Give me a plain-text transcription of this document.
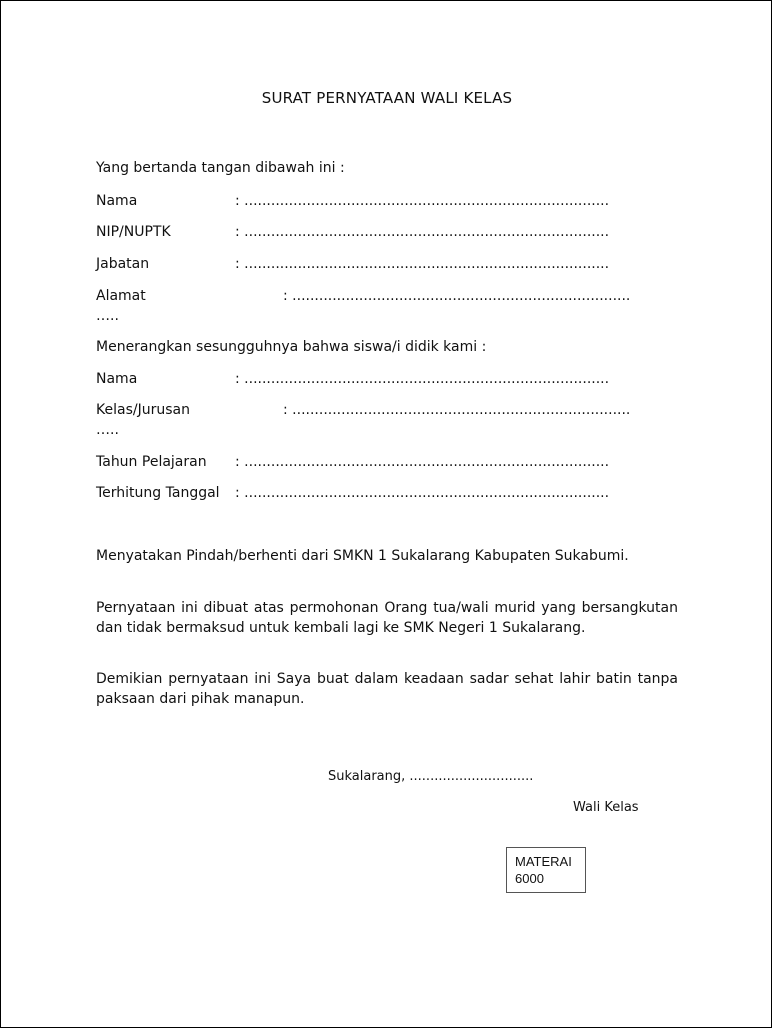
SURAT PERNYATAAN WALI KELAS
Yang bertanda tangan dibawah ini :
Nama	: ..................................................................................
NIP/NUPTK	: ..................................................................................
Jabatan	: ..................................................................................
Alamat	: ............................................................................
…..
Menerangkan sesungguhnya bahwa siswa/i didik kami :
Nama	: ..................................................................................
Kelas/Jurusan	: ............................................................................
…..
Tahun Pelajaran : ..................................................................................
Terhitung Tanggal : ..................................................................................
Menyatakan Pindah/berhenti dari SMKN 1 Sukalarang Kabupaten Sukabumi.
Pernyataan ini dibuat atas permohonan Orang tua/wali murid yang bersangkutan dan tidak bermaksud untuk kembali lagi ke SMK Negeri 1 Sukalarang.
Demikian pernyataan ini Saya buat dalam keadaan sadar sehat lahir batin tanpa paksaan dari pihak manapun.
Sukalarang, ..............................
Wali Kelas
MATERAI
6000
